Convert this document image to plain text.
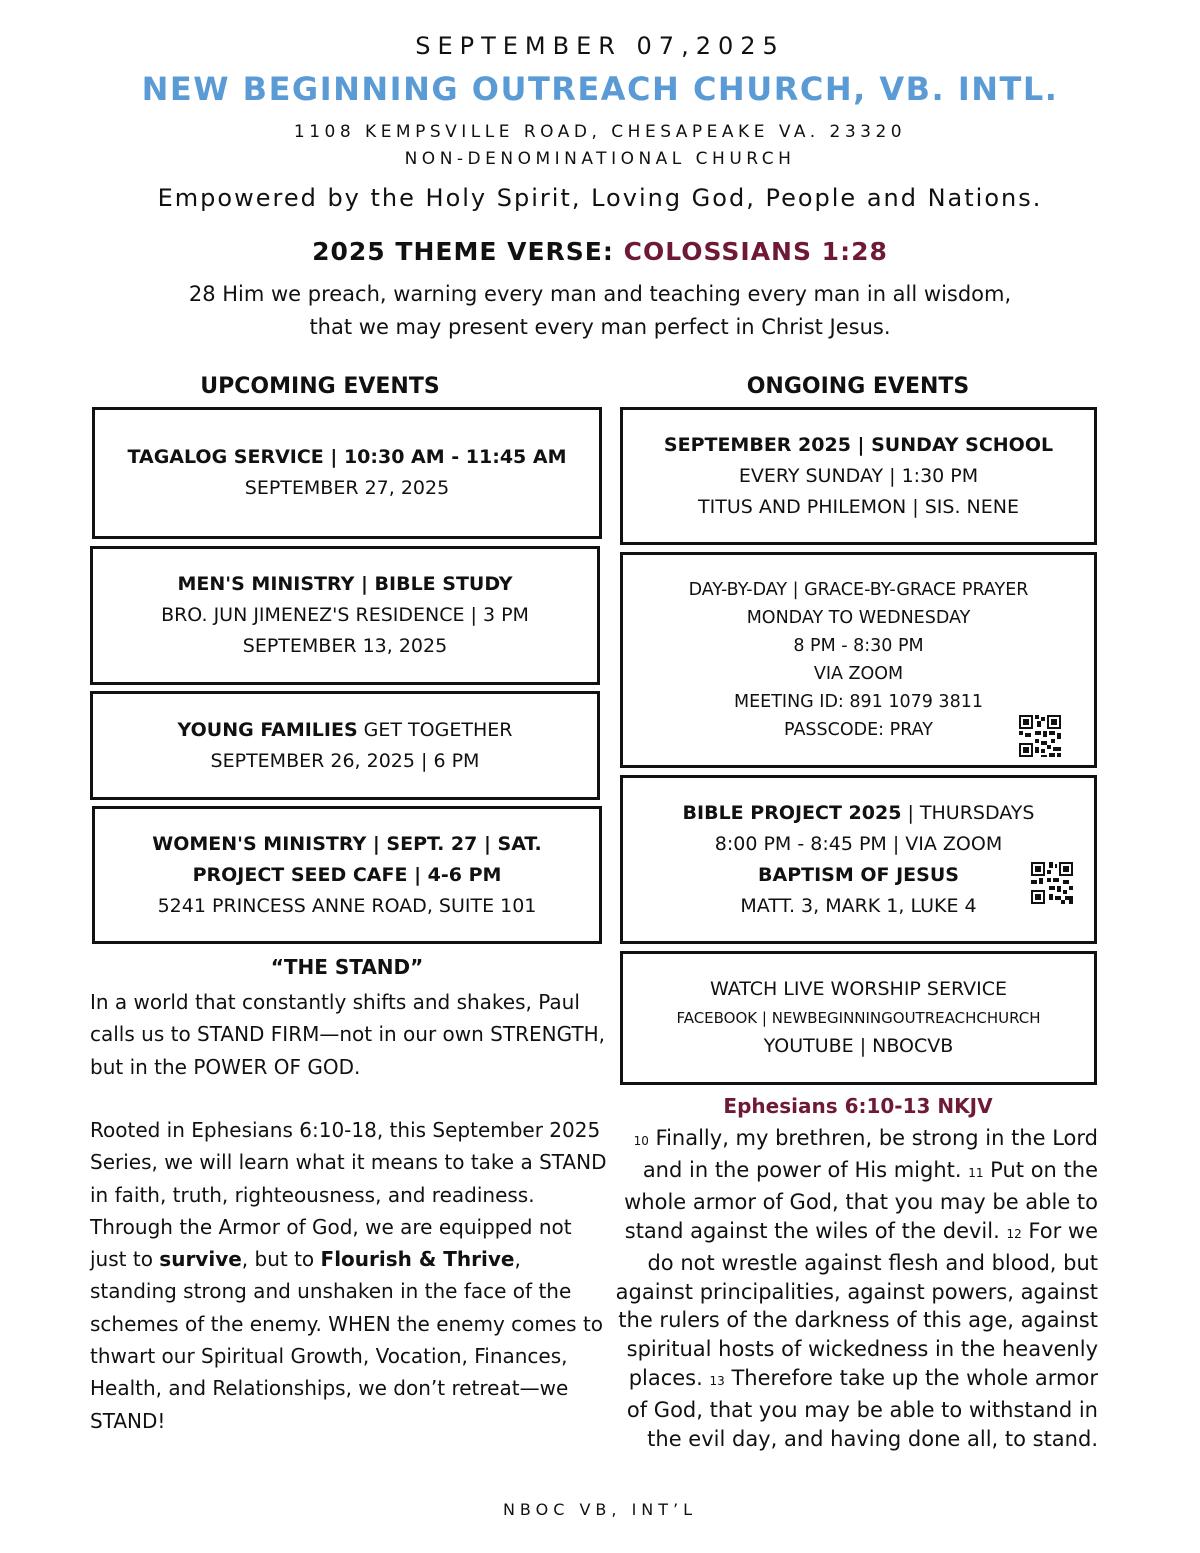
SEPTEMBER 07,2025
NEW BEGINNING OUTREACH CHURCH, VB. INTL.
1108 KEMPSVILLE ROAD, CHESAPEAKE VA. 23320
NON-DENOMINATIONAL CHURCH
Empowered by the Holy Spirit, Loving God, People and Nations.
2025 THEME VERSE: COLOSSIANS 1:28
28 Him we preach, warning every man and teaching every man in all wisdom,
that we may present every man perfect in Christ Jesus.
UPCOMING EVENTS	ONGOING EVENTS
TAGALOG SERVICE | 10:30 AM - 11:45 AM
SEPTEMBER 27, 2025
MEN'S MINISTRY | BIBLE STUDY
BRO. JUN JIMENEZ'S RESIDENCE | 3 PM
SEPTEMBER 13, 2025
YOUNG FAMILIES GET TOGETHER
SEPTEMBER 26, 2025 | 6 PM
WOMEN'S MINISTRY | SEPT. 27 | SAT.
PROJECT SEED CAFE | 4-6 PM
5241 PRINCESS ANNE ROAD, SUITE 101
SEPTEMBER 2025 | SUNDAY SCHOOL
EVERY SUNDAY | 1:30 PM
TITUS AND PHILEMON | SIS. NENE
DAY-BY-DAY | GRACE-BY-GRACE PRAYER
MONDAY TO WEDNESDAY
8 PM - 8:30 PM
VIA ZOOM
MEETING ID: 891 1079 3811
PASSCODE: PRAY
BIBLE PROJECT 2025 | THURSDAYS
8:00 PM - 8:45 PM | VIA ZOOM
BAPTISM OF JESUS
MATT. 3, MARK 1, LUKE 4
WATCH LIVE WORSHIP SERVICE
FACEBOOK | NEWBEGINNINGOUTREACHCHURCH
YOUTUBE | NBOCVB
“THE STAND”
In a world that constantly shifts and shakes, Paul calls us to STAND FIRM—not in our own STRENGTH, but in the POWER OF GOD.
Rooted in Ephesians 6:10-18, this September 2025 Series, we will learn what it means to take a STAND in faith, truth, righteousness, and readiness. Through the Armor of God, we are equipped not just to survive, but to Flourish & Thrive, standing strong and unshaken in the face of the schemes of the enemy. WHEN the enemy comes to thwart our Spiritual Growth, Vocation, Finances, Health, and Relationships, we don’t retreat—we STAND!
Ephesians 6:10-13 NKJV
10 Finally, my brethren, be strong in the Lord and in the power of His might. 11 Put on the whole armor of God, that you may be able to stand against the wiles of the devil. 12 For we do not wrestle against flesh and blood, but against principalities, against powers, against the rulers of the darkness of this age, against spiritual hosts of wickedness in the heavenly places. 13 Therefore take up the whole armor of God, that you may be able to withstand in the evil day, and having done all, to stand.
NBOC VB, INT’L
